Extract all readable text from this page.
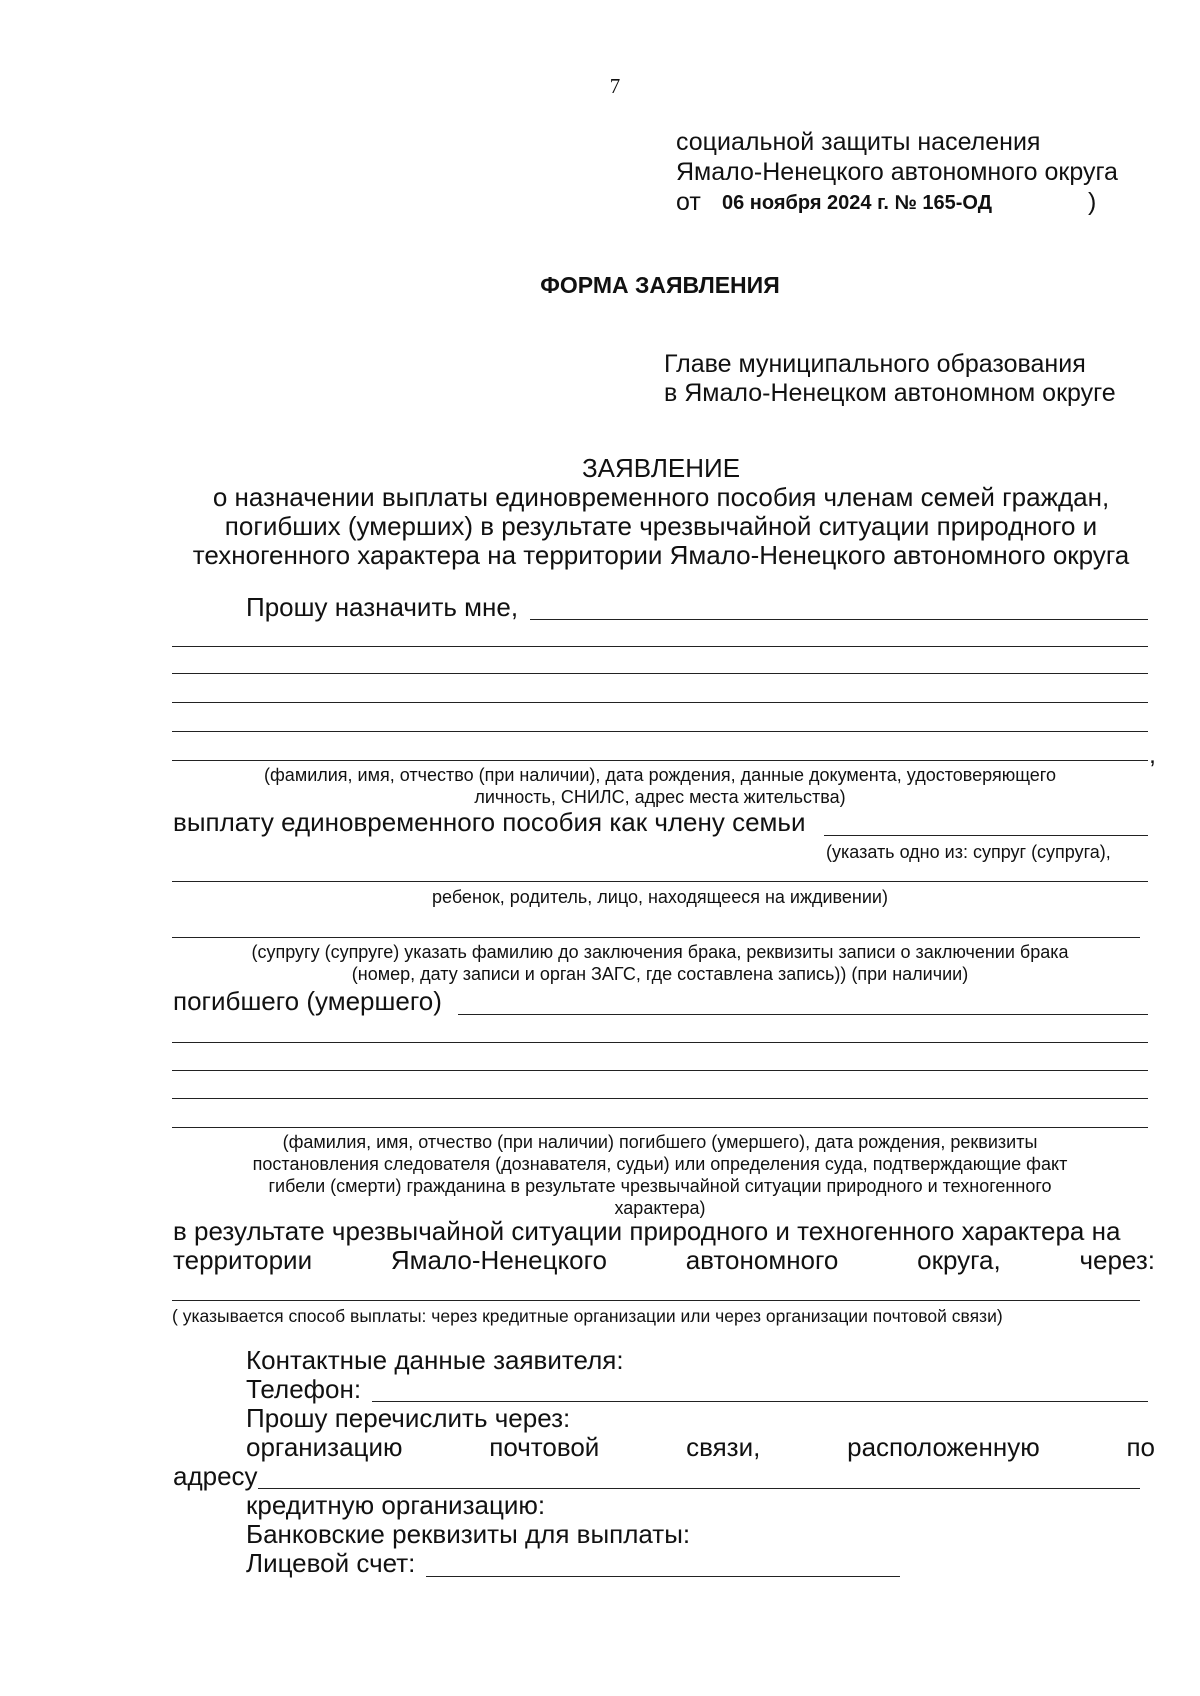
7
социальной защиты населения
Ямало-Ненецкого автономного округа
от 06 ноября 2024 г. № 165-ОД	)
ФОРМА ЗАЯВЛЕНИЯ
Главе муниципального образования
в Ямало-Ненецком автономном округе
ЗАЯВЛЕНИЕ
о назначении выплаты единовременного пособия членам семей граждан,
погибших (умерших) в результате чрезвычайной ситуации природного и
техногенного характера на территории Ямало-Ненецкого автономного округа
Прошу назначить мне,
,
(фамилия, имя, отчество (при наличии), дата рождения, данные документа, удостоверяющего
личность, СНИЛС, адрес места жительства)
выплату единовременного пособия как члену семьи
(указать одно из: супруг (супруга),
ребенок, родитель, лицо, находящееся на иждивении)
(супругу (супруге) указать фамилию до заключения брака, реквизиты записи о заключении брака
(номер, дату записи и орган ЗАГС, где составлена запись)) (при наличии)
погибшего (умершего)
(фамилия, имя, отчество (при наличии) погибшего (умершего), дата рождения, реквизиты
постановления следователя (дознавателя, судьи) или определения суда, подтверждающие факт
гибели (смерти) гражданина в результате чрезвычайной ситуации природного и техногенного
характера)
в результате чрезвычайной ситуации природного и техногенного характера на
территории	Ямало-Ненецкого	автономного	округа,	через:
( указывается способ выплаты: через кредитные организации или через организации почтовой связи)
Контактные данные заявителя:
Телефон:
Прошу перечислить через:
организацию	почтовой	связи,	расположенную	по
адресу
кредитную организацию:
Банковские реквизиты для выплаты:
Лицевой счет:
